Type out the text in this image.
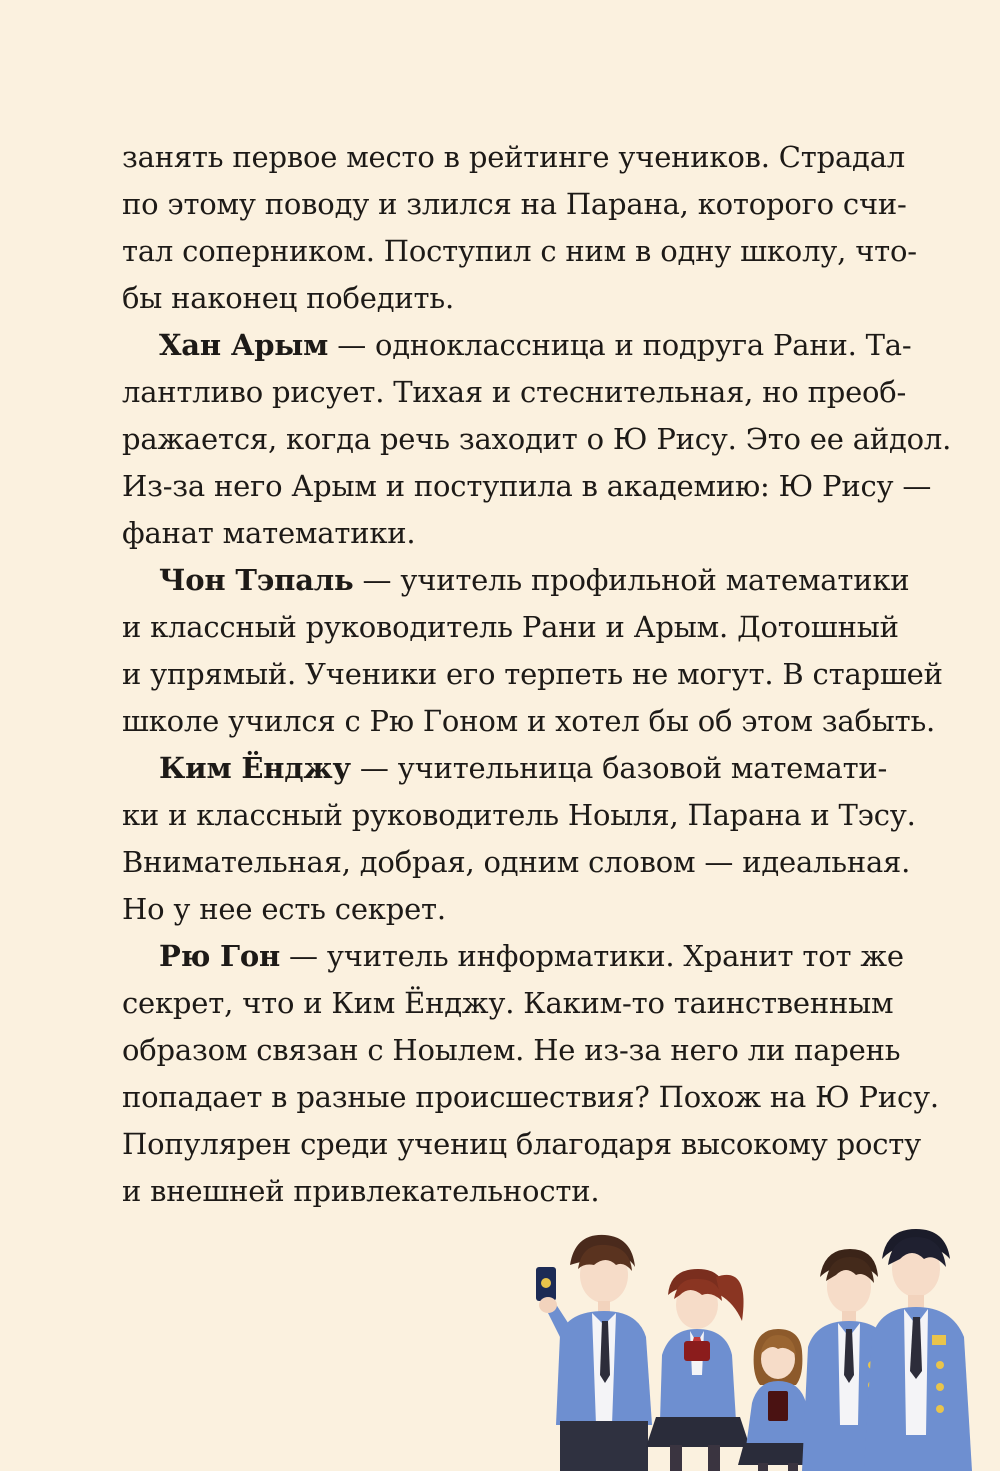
занять первое место в рейтинге учеников. Страдал
по этому поводу и злился на Парана, которого счи-
тал соперником. Поступил с ним в одну школу, что-
бы наконец победить.
Хан Арым — одноклассница и подруга Рани. Та-
лантливо рисует. Тихая и стеснительная, но преоб-
ражается, когда речь заходит о Ю Рису. Это ее айдол.
Из-за него Арым и поступила в академию: Ю Рису —
фанат математики.
Чон Тэпаль — учитель профильной математики
и классный руководитель Рани и Арым. Дотошный
и упрямый. Ученики его терпеть не могут. В старшей
школе учился с Рю Гоном и хотел бы об этом забыть.
Ким Ёнджу — учительница базовой математи-
ки и классный руководитель Ноыля, Парана и Тэсу.
Внимательная, добрая, одним словом — идеальная.
Но у нее есть секрет.
Рю Гон — учитель информатики. Хранит тот же
секрет, что и Ким Ёнджу. Каким-то таинственным
образом связан с Ноылем. Не из-за него ли парень
попадает в разные происшествия? Похож на Ю Рису.
Популярен среди учениц благодаря высокому росту
и внешней привлекательности.
